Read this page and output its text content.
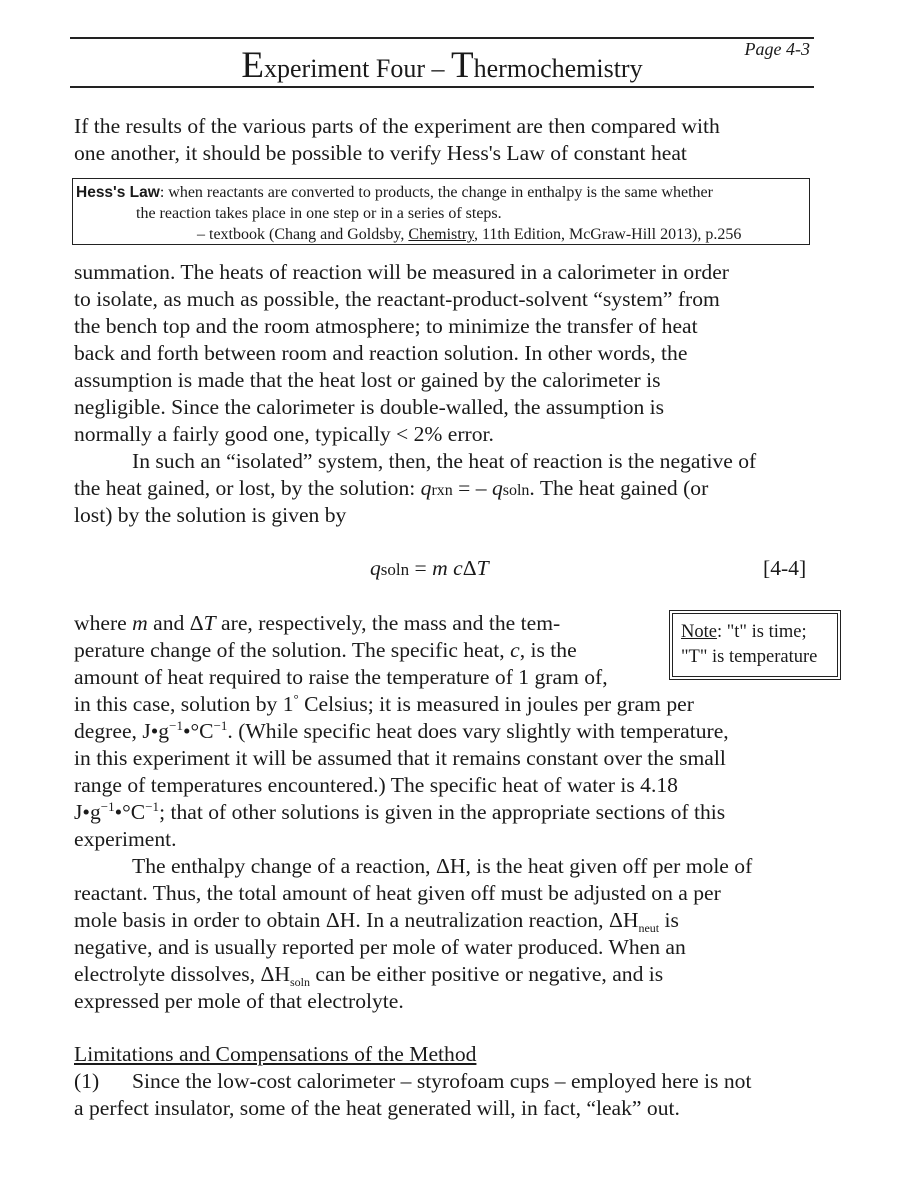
Experiment Four – Thermochemistry
Page 4-3
If the results of the various parts of the experiment are then compared with
one another, it should be possible to verify Hess's Law of constant heat
Hess's Law: when reactants are converted to products, the change in enthalpy is the same whether
the reaction takes place in one step or in a series of steps.
– textbook (Chang and Goldsby, Chemistry, 11th Edition, McGraw-Hill 2013), p.256
summation. The heats of reaction will be measured in a calorimeter in order
to isolate, as much as possible, the reactant-product-solvent “system” from
the bench top and the room atmosphere; to minimize the transfer of heat
back and forth between room and reaction solution. In other words, the
assumption is made that the heat lost or gained by the calorimeter is
negligible. Since the calorimeter is double-walled, the assumption is
normally a fairly good one, typically < 2% error.
In such an “isolated” system, then, the heat of reaction is the negative of
the heat gained, or lost, by the solution: qrxn = – qsoln. The heat gained (or
lost) by the solution is given by
qsoln = m cΔT	[4-4]
Note: "t" is time;
"T" is temperature
where m and ΔT are, respectively, the mass and the tem-
perature change of the solution. The specific heat, c, is the
amount of heat required to raise the temperature of 1 gram of,
in this case, solution by 1° Celsius; it is measured in joules per gram per
degree, $J•g^{-1}•^\circ C^{-1}$. (While specific heat does vary slightly with temperature,
in this experiment it will be assumed that it remains constant over the small
range of temperatures encountered.) The specific heat of water is 4.18
$J•g^{-1}•^\circ C^{-1}$; that of other solutions is given in the appropriate sections of this
experiment.
The enthalpy change of a reaction, ΔH, is the heat given off per mole of
reactant. Thus, the total amount of heat given off must be adjusted on a per
mole basis in order to obtain ΔH. In a neutralization reaction, $\Delta H_{neut}$ is
negative, and is usually reported per mole of water produced. When an
electrolyte dissolves, $\Delta H_{soln}$ can be either positive or negative, and is
expressed per mole of that electrolyte.
Limitations and Compensations of the Method
(1) Since the low-cost calorimeter – styrofoam cups – employed here is not
a perfect insulator, some of the heat generated will, in fact, “leak” out.
